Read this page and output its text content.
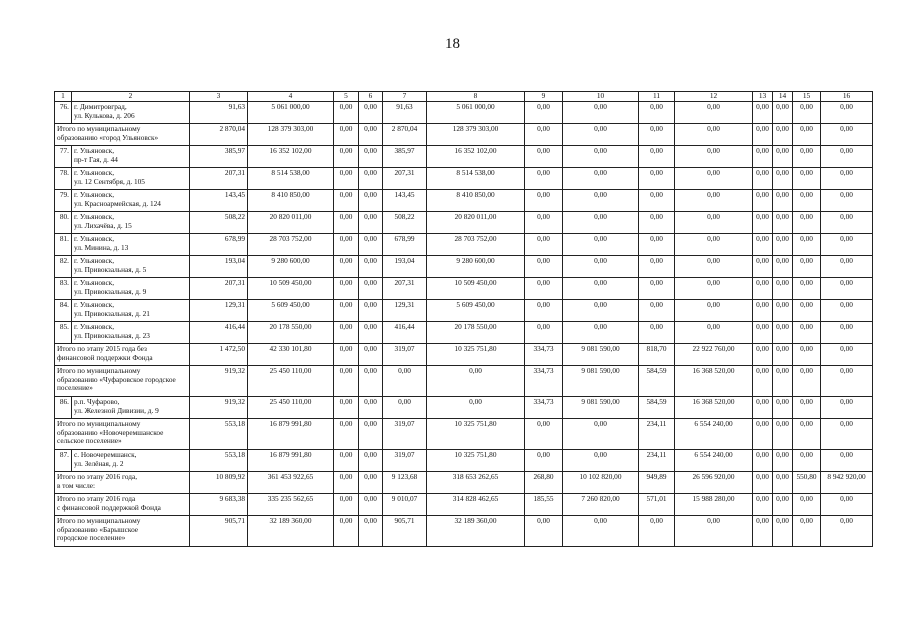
18
1	2	3	4	5	6	7	8	9	10	11	12	13	14	15	16
76.	г. Димитровград,
ул. Кулькова, д. 206	91,63	5 061 000,00	0,00	0,00	91,63	5 061 000,00	0,00	0,00	0,00	0,00	0,00	0,00	0,00	0,00

Итого по муниципальному
образованию «город Ульяновск»		2 870,04	128 379 303,00	0,00	0,00	2 870,04	128 379 303,00	0,00	0,00	0,00	0,00	0,00	0,00	0,00	0,00
77.	г. Ульяновск,
пр-т Гая, д. 44	385,97	16 352 102,00	0,00	0,00	385,97	16 352 102,00	0,00	0,00	0,00	0,00	0,00	0,00	0,00	0,00
78.	г. Ульяновск,
ул. 12 Сентября, д. 105	207,31	8 514 538,00	0,00	0,00	207,31	8 514 538,00	0,00	0,00	0,00	0,00	0,00	0,00	0,00	0,00
79.	г. Ульяновск,
ул. Красноармейская, д. 124	143,45	8 410 850,00	0,00	0,00	143,45	8 410 850,00	0,00	0,00	0,00	0,00	0,00	0,00	0,00	0,00
80.	г. Ульяновск,
ул. Лихачёва, д. 15	508,22	20 820 011,00	0,00	0,00	508,22	20 820 011,00	0,00	0,00	0,00	0,00	0,00	0,00	0,00	0,00
81.	г. Ульяновск,
ул. Минина, д. 13	678,99	28 703 752,00	0,00	0,00	678,99	28 703 752,00	0,00	0,00	0,00	0,00	0,00	0,00	0,00	0,00
82.	г. Ульяновск,
ул. Привокзальная, д. 5	193,04	9 280 600,00	0,00	0,00	193,04	9 280 600,00	0,00	0,00	0,00	0,00	0,00	0,00	0,00	0,00
83.	г. Ульяновск,
ул. Привокзальная, д. 9	207,31	10 509 450,00	0,00	0,00	207,31	10 509 450,00	0,00	0,00	0,00	0,00	0,00	0,00	0,00	0,00
84.	г. Ульяновск,
ул. Привокзальная, д. 21	129,31	5 609 450,00	0,00	0,00	129,31	5 609 450,00	0,00	0,00	0,00	0,00	0,00	0,00	0,00	0,00
85.	г. Ульяновск,
ул. Привокзальная, д. 23	416,44	20 178 550,00	0,00	0,00	416,44	20 178 550,00	0,00	0,00	0,00	0,00	0,00	0,00	0,00	0,00

Итого по этапу 2015 года без
финансовой поддержки Фонда		1 472,50	42 330 101,80	0,00	0,00	319,07	10 325 751,80	334,73	9 081 590,00	818,70	22 922 760,00	0,00	0,00	0,00	0,00

Итого по муниципальному
образованию «Чуфаровское городское
поселение»		919,32	25 450 110,00	0,00	0,00	0,00	0,00	334,73	9 081 590,00	584,59	16 368 520,00	0,00	0,00	0,00	0,00
86.	р.п. Чуфарово,
ул. Железной Дивизии, д. 9	919,32	25 450 110,00	0,00	0,00	0,00	0,00	334,73	9 081 590,00	584,59	16 368 520,00	0,00	0,00	0,00	0,00

Итого по муниципальному
образованию «Новочеремшанское
сельское поселение»		553,18	16 879 991,80	0,00	0,00	319,07	10 325 751,80	0,00	0,00	234,11	6 554 240,00	0,00	0,00	0,00	0,00
87.	с. Новочеремшанск,
ул. Зелёная, д. 2	553,18	16 879 991,80	0,00	0,00	319,07	10 325 751,80	0,00	0,00	234,11	6 554 240,00	0,00	0,00	0,00	0,00

Итого по этапу 2016 года,
в том числе:		10 809,92	361 453 922,65	0,00	0,00	9 123,68	318 653 262,65	268,80	10 102 820,00	949,89	26 596 920,00	0,00	0,00	550,80	8 942 920,00

Итого по этапу 2016 года
с финансовой поддержкой Фонда		9 683,38	335 235 562,65	0,00	0,00	9 010,07	314 828 462,65	185,55	7 260 820,00	571,01	15 988 280,00	0,00	0,00	0,00	0,00

Итого по муниципальному
образованию «Барышское
городское поселение»		905,71	32 189 360,00	0,00	0,00	905,71	32 189 360,00	0,00	0,00	0,00	0,00	0,00	0,00	0,00	0,00
